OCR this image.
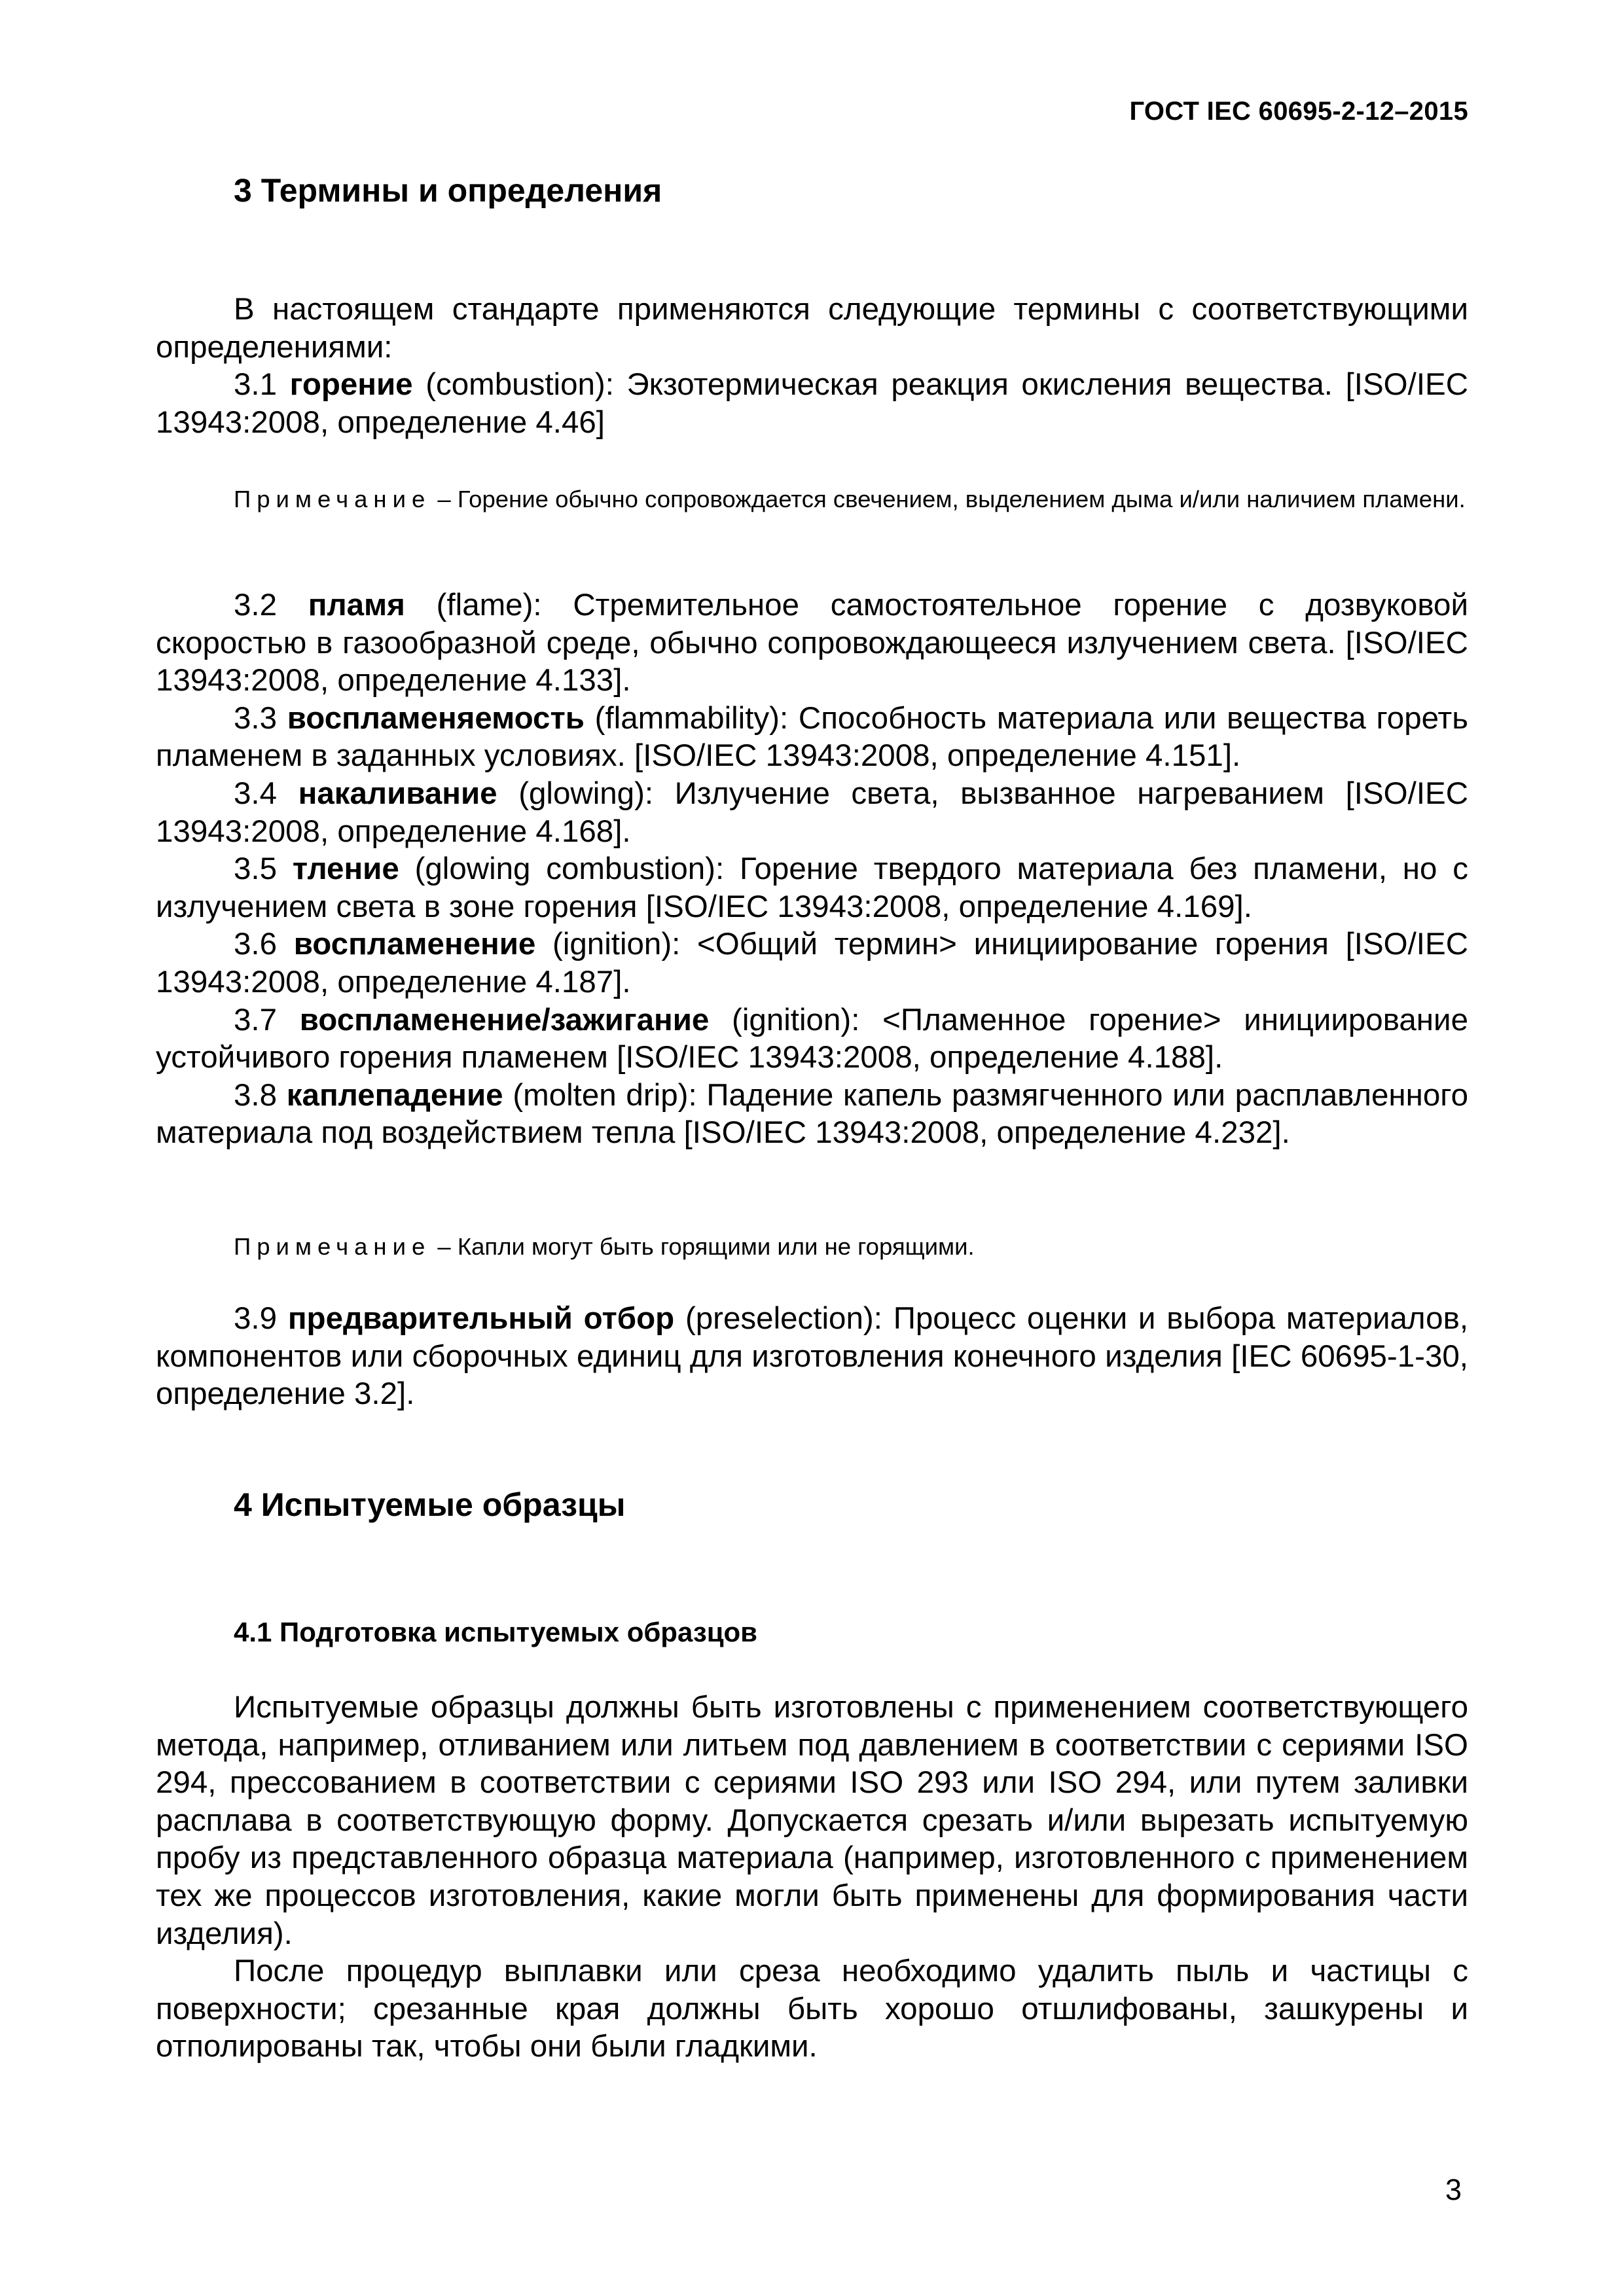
ГОСТ IEC 60695-2-12–2015
3 Термины и определения

В настоящем стандарте применяются следующие термины с соответствующими определениями:

3.1 горение (combustion): Экзотермическая реакция окисления вещества. [ISO/IEC 13943:2008, определение 4.46]

Примечание – Горение обычно сопровождается свечением, выделением дыма и/или наличием пламени.

3.2 пламя (flame): Стремительное самостоятельное горение с дозвуковой скоростью в газообразной среде, обычно сопровождающееся излучением света. [ISO/IEC 13943:2008, определение 4.133].

3.3 воспламеняемость (flammability): Способность материала или вещества гореть пламенем в заданных условиях. [ISO/IEC 13943:2008, определение 4.151].

3.4 накаливание (glowing): Излучение света, вызванное нагреванием [ISO/IEC 13943:2008, определение 4.168].

3.5 тление (glowing combustion): Горение твердого материала без пламени, но с излучением света в зоне горения [ISO/IEC 13943:2008, определение 4.169].

3.6 воспламенение (ignition): <Общий термин> инициирование горения [ISO/IEC 13943:2008, определение 4.187].

3.7 воспламенение/зажигание (ignition): <Пламенное горение> инициирование устойчивого горения пламенем [ISO/IEC 13943:2008, определение 4.188].

3.8 каплепадение (molten drip): Падение капель размягченного или расплавленного материала под воздействием тепла [ISO/IEC 13943:2008, определение 4.232].

Примечание – Капли могут быть горящими или не горящими.

3.9 предварительный отбор (preselection): Процесс оценки и выбора материалов, компонентов или сборочных единиц для изготовления конечного изделия [IEC 60695-1-30, определение 3.2].

4 Испытуемые образцы
4.1 Подготовка испытуемых образцов

Испытуемые образцы должны быть изготовлены с применением соответствующего метода, например, отливанием или литьем под давлением в соответствии с сериями ISO 294, прессованием в соответствии с сериями ISO 293 или ISO 294, или путем заливки расплава в соответствующую форму. Допускается срезать и/или вырезать испытуемую пробу из представленного образца материала (например, изготовленного с применением тех же процессов изготовления, какие могли быть применены для формирования части изделия).

После процедур выплавки или среза необходимо удалить пыль и частицы с поверхности; срезанные края должны быть хорошо отшлифованы, зашкурены и отполированы так, чтобы они были гладкими.

3
